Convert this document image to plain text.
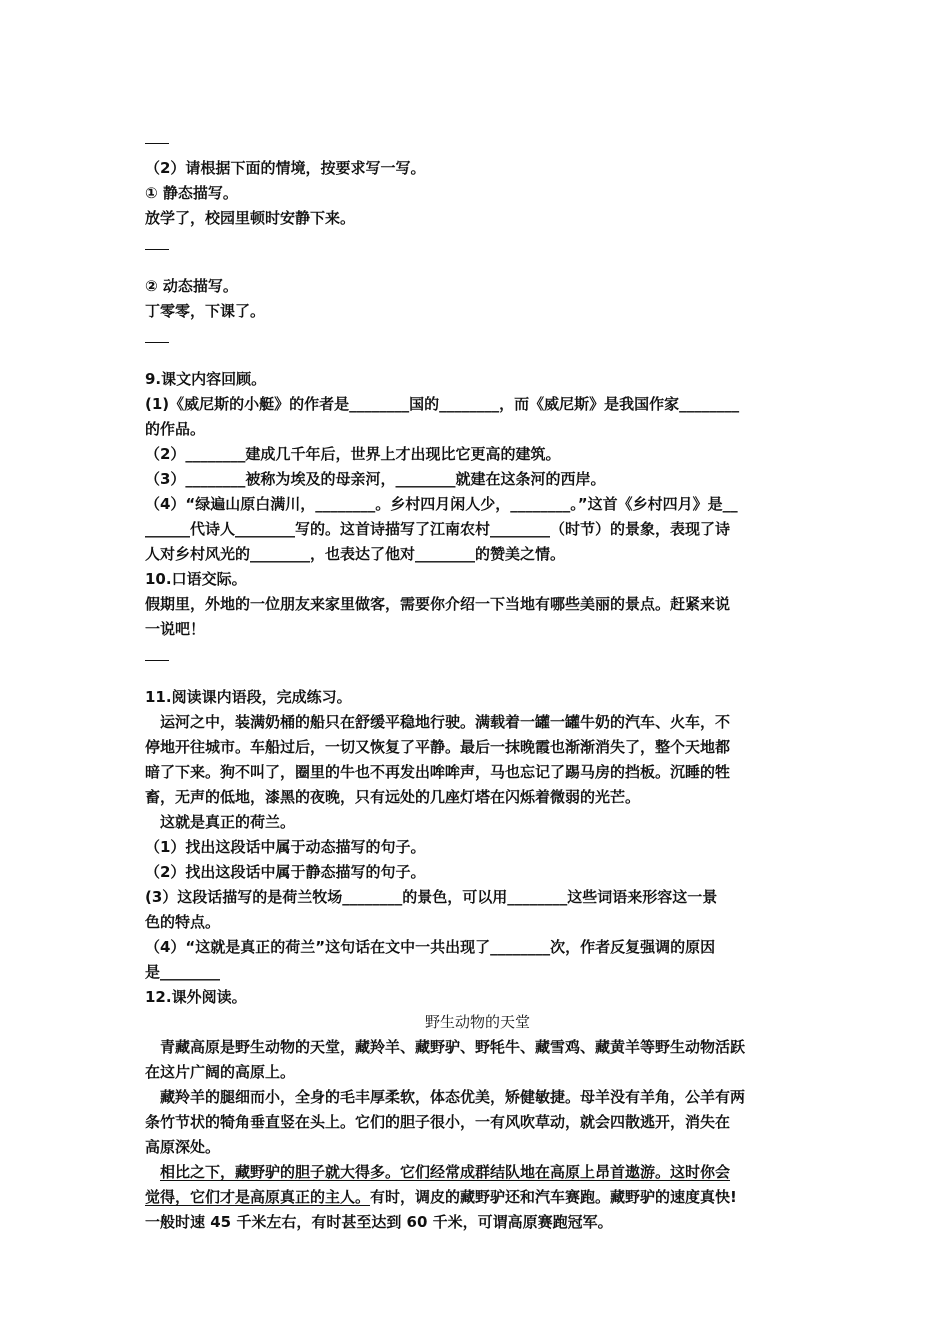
（2）请根据下面的情境，按要求写一写。
① 静态描写。
放学了，校园里顿时安静下来。
② 动态描写。
丁零零，下课了。
9.课文内容回顾。
(1)《威尼斯的小艇》的作者是________国的________，而《威尼斯》是我国作家________
的作品。
（2）________建成几千年后，世界上才出现比它更高的建筑。
（3）________被称为埃及的母亲河，________就建在这条河的西岸。
（4）“绿遍山原白满川，________。乡村四月闲人少，________。”这首《乡村四月》是__
______代诗人________写的。这首诗描写了江南农村________（时节）的景象，表现了诗
人对乡村风光的________，也表达了他对________的赞美之情。
10.口语交际。
假期里，外地的一位朋友来家里做客，需要你介绍一下当地有哪些美丽的景点。赶紧来说
一说吧！
11.阅读课内语段，完成练习。
运河之中，装满奶桶的船只在舒缓平稳地行驶。满载着一罐一罐牛奶的汽车、火车，不
停地开往城市。车船过后，一切又恢复了平静。最后一抹晚霞也渐渐消失了，整个天地都
暗了下来。狗不叫了，圈里的牛也不再发出哞哞声，马也忘记了踢马房的挡板。沉睡的牲
畜，无声的低地，漆黑的夜晚，只有远处的几座灯塔在闪烁着微弱的光芒。
这就是真正的荷兰。
（1）找出这段话中属于动态描写的句子。
（2）找出这段话中属于静态描写的句子。
(3）这段话描写的是荷兰牧场________的景色，可以用________这些词语来形容这一景
色的特点。
（4）“这就是真正的荷兰”这句话在文中一共出现了________次，作者反复强调的原因
是________
12.课外阅读。
野生动物的天堂
青藏高原是野生动物的天堂，藏羚羊、藏野驴、野牦牛、藏雪鸡、藏黄羊等野生动物活跃
在这片广阔的高原上。
藏羚羊的腿细而小，全身的毛丰厚柔软，体态优美，矫健敏捷。母羊没有羊角，公羊有两
条竹节状的犄角垂直竖在头上。它们的胆子很小，一有风吹草动，就会四散逃开，消失在
高原深处。
相比之下，藏野驴的胆子就大得多。它们经常成群结队地在高原上昂首遨游。这时你会
觉得，它们才是高原真正的主人。有时，调皮的藏野驴还和汽车赛跑。藏野驴的速度真快!
一般时速 45 千米左右，有时甚至达到 60 千米，可谓高原赛跑冠军。
